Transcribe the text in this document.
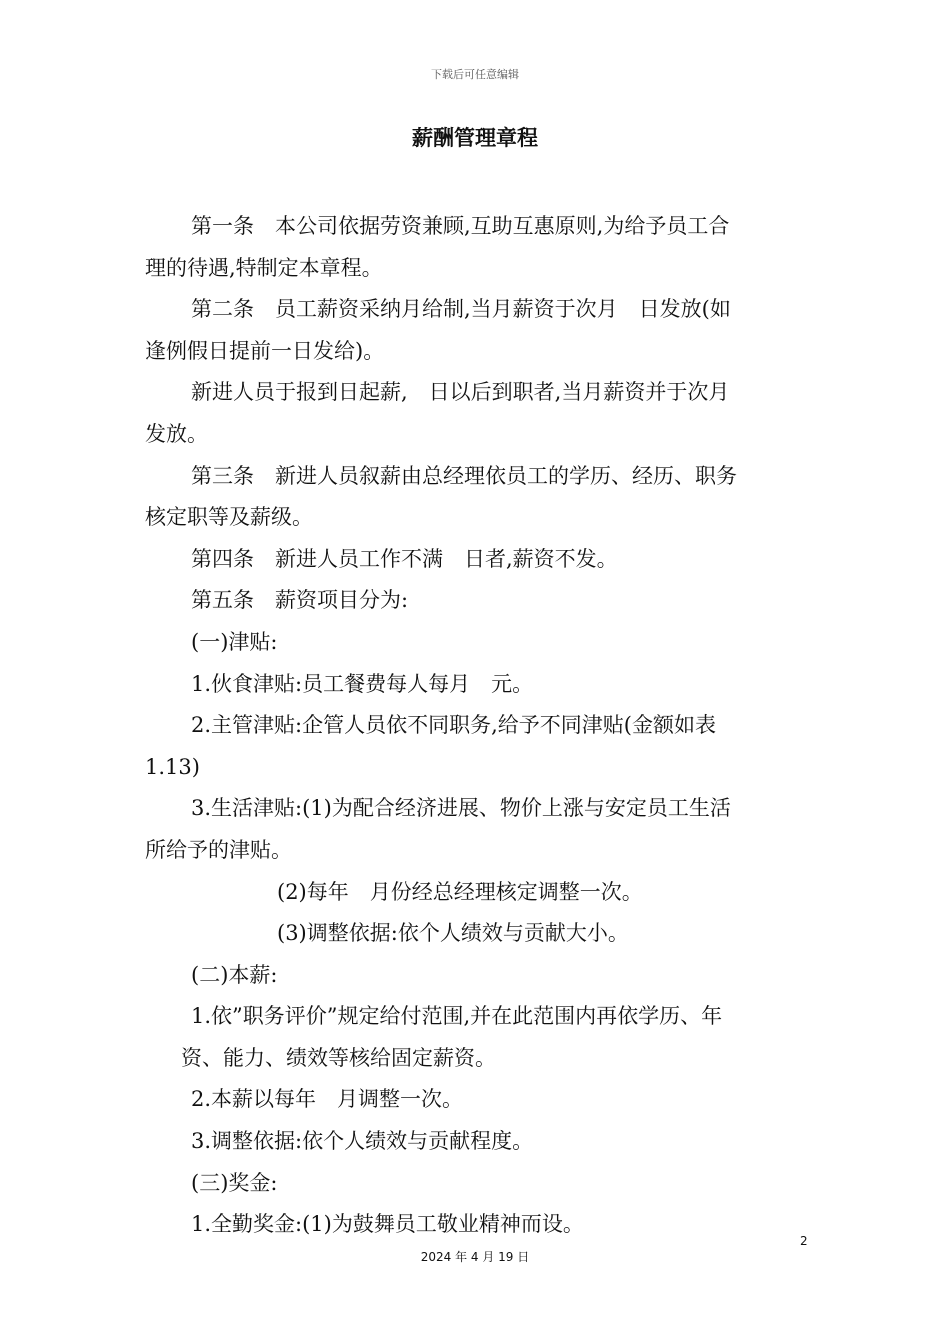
下载后可任意编辑
薪酬管理章程

第一条　本公司依据劳资兼顾,互助互惠原则,为给予员工合

理的待遇,特制定本章程。

第二条　员工薪资采纳月给制,当月薪资于次月　日发放(如

逢例假日提前一日发给)。

新进人员于报到日起薪,　日以后到职者,当月薪资并于次月

发放。

第三条　新进人员叙薪由总经理依员工的学历、经历、职务

核定职等及薪级。

第四条　新进人员工作不满　日者,薪资不发。

第五条　薪资项目分为:

(一)津贴:

1.伙食津贴:员工餐费每人每月　元。

2.主管津贴:企管人员依不同职务,给予不同津贴(金额如表

1.13)

3.生活津贴:(1)为配合经济进展、物价上涨与安定员工生活

所给予的津贴。

(2)每年　月份经总经理核定调整一次。

(3)调整依据:依个人绩效与贡献大小。

(二)本薪:

1.依”职务评价”规定给付范围,并在此范围内再依学历、年

资、能力、绩效等核给固定薪资。

2.本薪以每年　月调整一次。

3.调整依据:依个人绩效与贡献程度。

(三)奖金:

1.全勤奖金:(1)为鼓舞员工敬业精神而设。

2
2024 年 4 月 19 日
